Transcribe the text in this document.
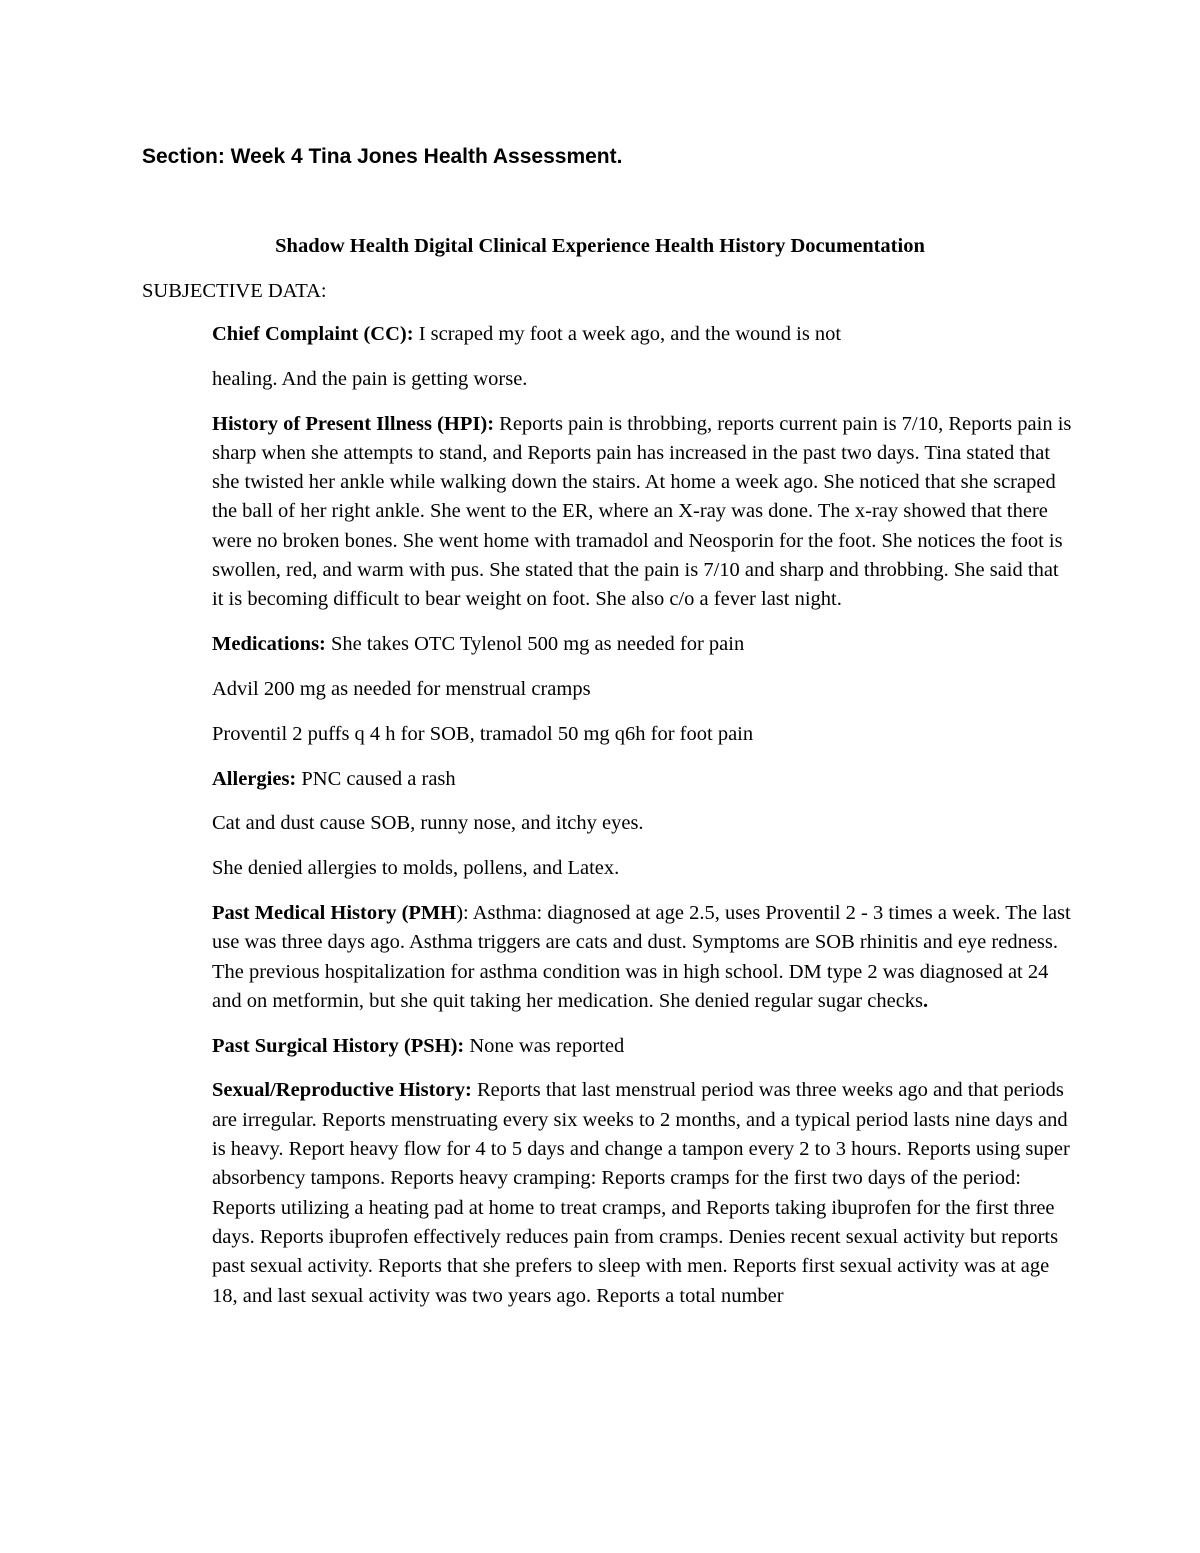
Section: Week 4 Tina Jones Health Assessment.
Shadow Health Digital Clinical Experience Health History Documentation
SUBJECTIVE DATA:

Chief Complaint (CC): I scraped my foot a week ago, and the wound is not

healing. And the pain is getting worse.

History of Present Illness (HPI): Reports pain is throbbing, reports current pain is 7/10, Reports pain is sharp when she attempts to stand, and Reports pain has increased in the past two days. Tina stated that she twisted her ankle while walking down the stairs. At home a week ago. She noticed that she scraped the ball of her right ankle. She went to the ER, where an X-ray was done. The x-ray showed that there were no broken bones. She went home with tramadol and Neosporin for the foot. She notices the foot is swollen, red, and warm with pus. She stated that the pain is 7/10 and sharp and throbbing. She said that it is becoming difficult to bear weight on foot. She also c/o a fever last night.

Medications: She takes OTC Tylenol 500 mg as needed for pain

Advil 200 mg as needed for menstrual cramps

Proventil 2 puffs q 4 h for SOB, tramadol 50 mg q6h for foot pain

Allergies: PNC caused a rash

Cat and dust cause SOB, runny nose, and itchy eyes.

She denied allergies to molds, pollens, and Latex.

Past Medical History (PMH): Asthma: diagnosed at age 2.5, uses Proventil 2 - 3 times a week. The last use was three days ago. Asthma triggers are cats and dust. Symptoms are SOB rhinitis and eye redness. The previous hospitalization for asthma condition was in high school. DM type 2 was diagnosed at 24 and on metformin, but she quit taking her medication. She denied regular sugar checks.

Past Surgical History (PSH): None was reported

Sexual/Reproductive History: Reports that last menstrual period was three weeks ago and that periods are irregular. Reports menstruating every six weeks to 2 months, and a typical period lasts nine days and is heavy. Report heavy flow for 4 to 5 days and change a tampon every 2 to 3 hours. Reports using super absorbency tampons. Reports heavy cramping: Reports cramps for the first two days of the period: Reports utilizing a heating pad at home to treat cramps, and Reports taking ibuprofen for the first three days. Reports ibuprofen effectively reduces pain from cramps. Denies recent sexual activity but reports past sexual activity. Reports that she prefers to sleep with men. Reports first sexual activity was at age 18, and last sexual activity was two years ago. Reports a total number
